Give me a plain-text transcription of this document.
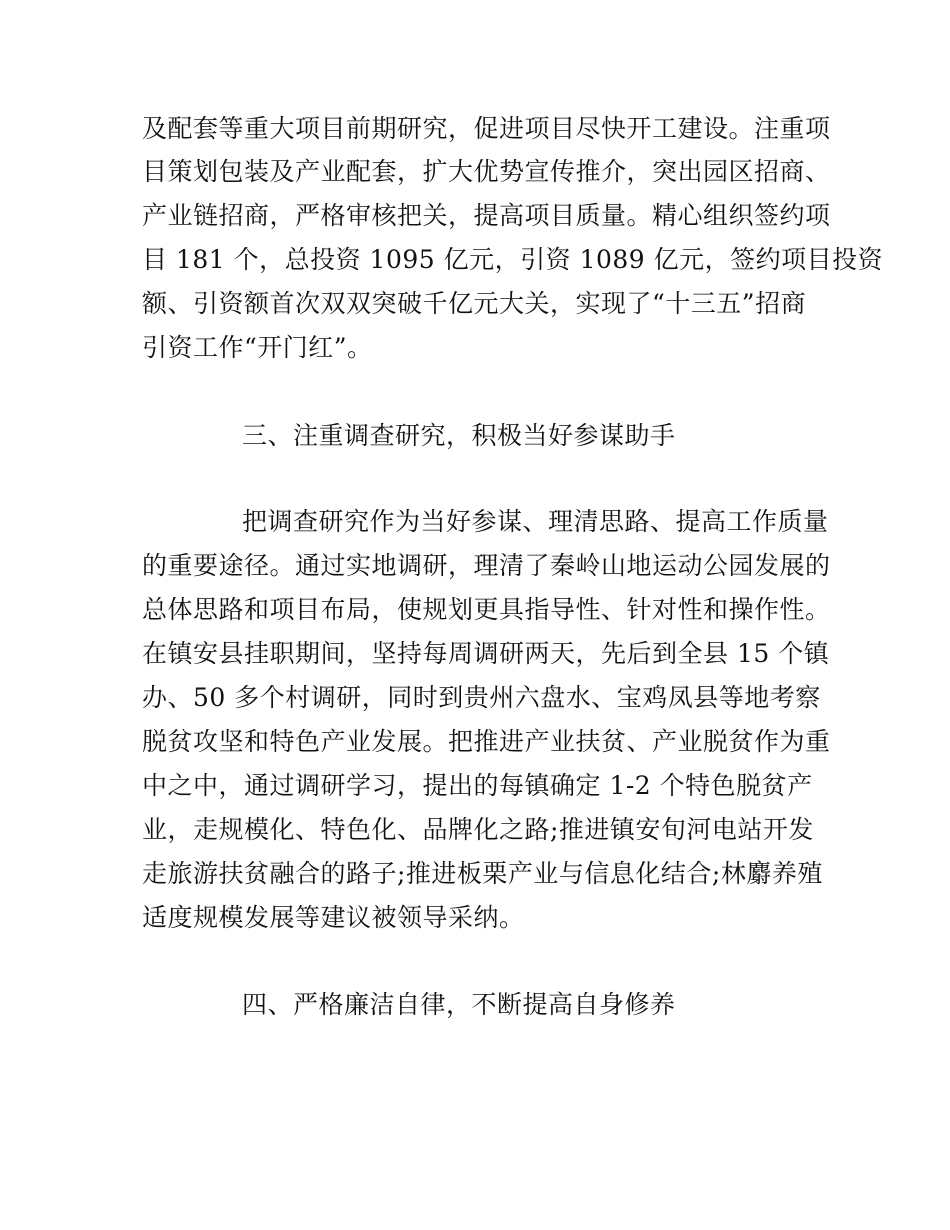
及配套等重大项目前期研究，促进项目尽快开工建设。注重项
目策划包装及产业配套，扩大优势宣传推介，突出园区招商、
产业链招商，严格审核把关，提高项目质量。精心组织签约项
目 181 个，总投资 1095 亿元，引资 1089 亿元，签约项目投资
额、引资额首次双双突破千亿元大关，实现了“十三五”招商
引资工作“开门红”。
三、注重调查研究，积极当好参谋助手
把调查研究作为当好参谋、理清思路、提高工作质量
的重要途径。通过实地调研，理清了秦岭山地运动公园发展的
总体思路和项目布局，使规划更具指导性、针对性和操作性。
在镇安县挂职期间，坚持每周调研两天，先后到全县 15 个镇
办、50 多个村调研，同时到贵州六盘水、宝鸡凤县等地考察
脱贫攻坚和特色产业发展。把推进产业扶贫、产业脱贫作为重
中之中，通过调研学习，提出的每镇确定 1-2 个特色脱贫产
业，走规模化、特色化、品牌化之路;推进镇安旬河电站开发
走旅游扶贫融合的路子;推进板栗产业与信息化结合;林麝养殖
适度规模发展等建议被领导采纳。
四、严格廉洁自律，不断提高自身修养
